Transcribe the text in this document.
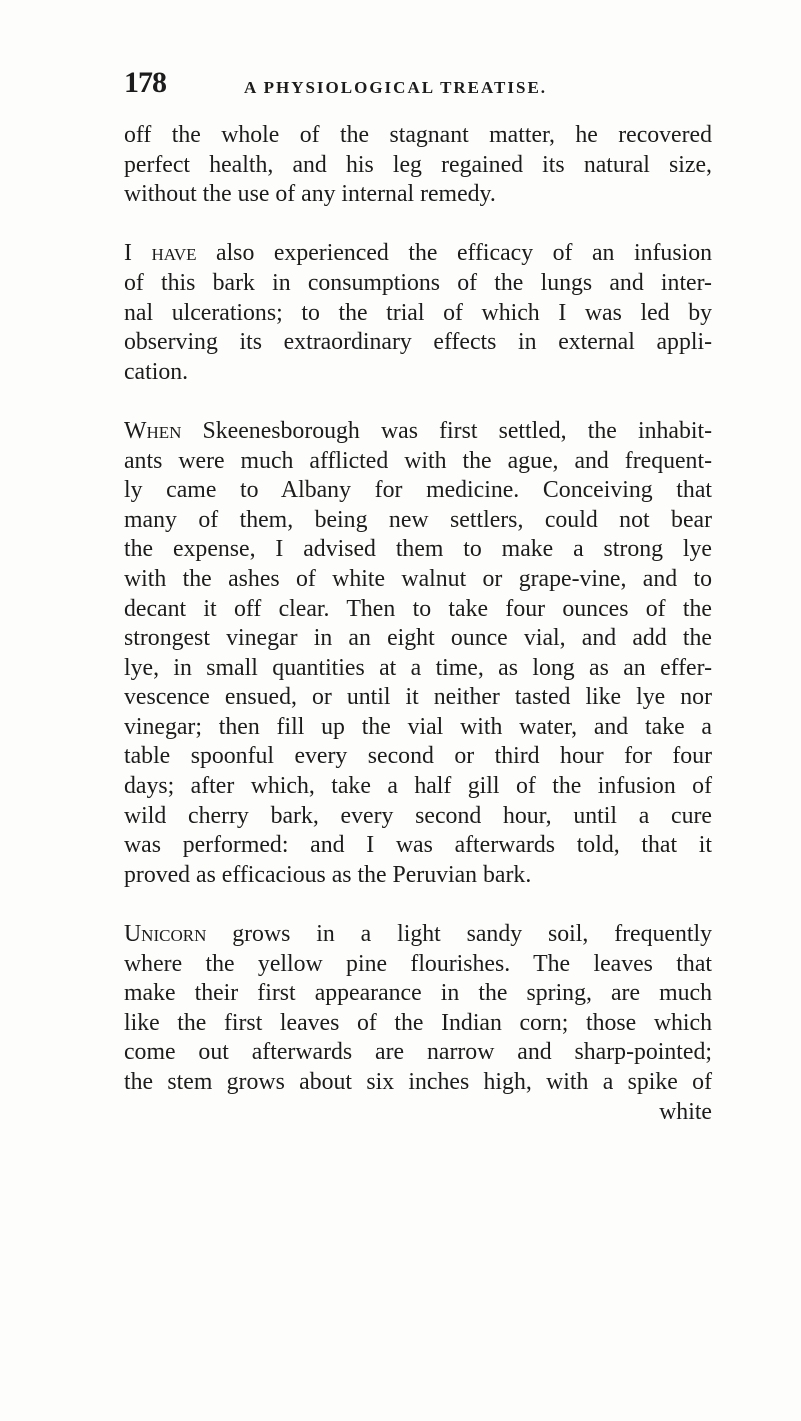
178	A PHYSIOLOGICAL TREATISE.
off the whole of the stagnant matter, he recovered
perfect health, and his leg regained its natural size,
without the use of any internal remedy.
I have also experienced the efficacy of an infusion
of this bark in consumptions of the lungs and inter-
nal ulcerations; to the trial of which I was led by
observing its extraordinary effects in external appli-
cation.
When Skeenesborough was first settled, the inhabit-
ants were much afflicted with the ague, and frequent-
ly came to Albany for medicine. Conceiving that
many of them, being new settlers, could not bear
the expense, I advised them to make a strong lye
with the ashes of white walnut or grape-vine, and to
decant it off clear. Then to take four ounces of the
strongest vinegar in an eight ounce vial, and add the
lye, in small quantities at a time, as long as an effer-
vescence ensued, or until it neither tasted like lye nor
vinegar; then fill up the vial with water, and take a
table spoonful every second or third hour for four
days; after which, take a half gill of the infusion of
wild cherry bark, every second hour, until a cure
was performed: and I was afterwards told, that it
proved as efficacious as the Peruvian bark.
Unicorn grows in a light sandy soil, frequently
where the yellow pine flourishes. The leaves that
make their first appearance in the spring, are much
like the first leaves of the Indian corn; those which
come out afterwards are narrow and sharp-pointed;
the stem grows about six inches high, with a spike of
white
